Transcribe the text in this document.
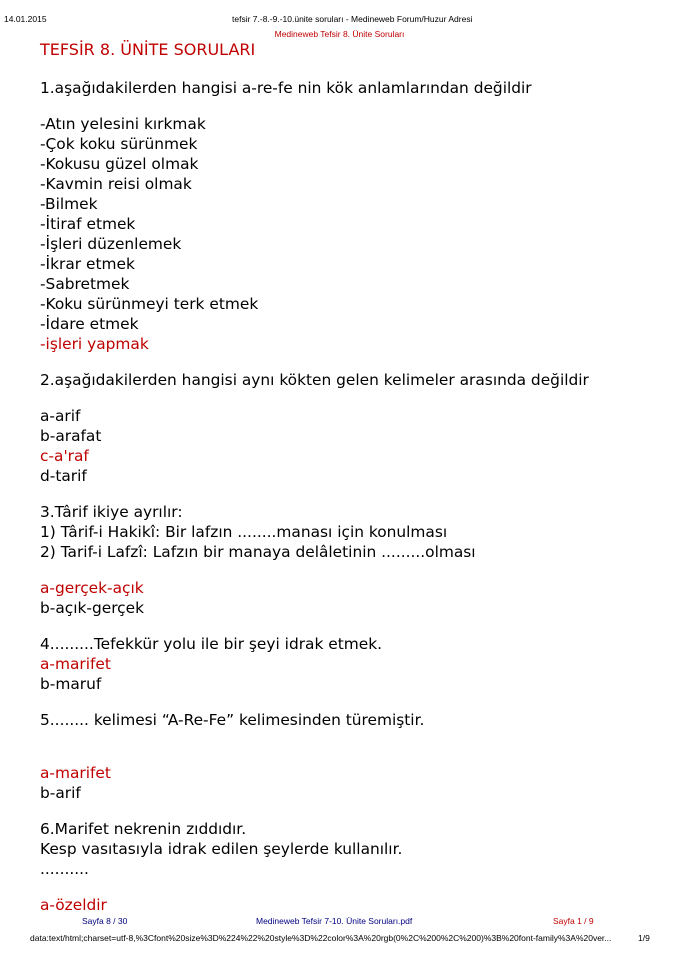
14.01.2015	tefsir 7.-8.-9.-10.ünite soruları - Medineweb Forum/Huzur Adresi
Medineweb Tefsir 8. Ünite Soruları
TEFSİR 8. ÜNİTE SORULARI
1.aşağıdakilerden hangisi a-re-fe nin kök anlamlarından değildir
-Atın yelesini kırkmak
-Çok koku sürünmek
-Kokusu güzel olmak
-Kavmin reisi olmak
-Bilmek
-İtiraf etmek
-İşleri düzenlemek
-İkrar etmek
-Sabretmek
-Koku sürünmeyi terk etmek
-İdare etmek
-işleri yapmak
2.aşağıdakilerden hangisi aynı kökten gelen kelimeler arasında değildir
a-arif
b-arafat
c-a'raf
d-tarif
3.Târif ikiye ayrılır:
1) Târif-i Hakikî: Bir lafzın ........manası için konulması
2) Tarif-i Lafzî: Lafzın bir manaya delâletinin .........olması
a-gerçek-açık
b-açık-gerçek
4.........Tefekkür yolu ile bir şeyi idrak etmek.
a-marifet
b-maruf
5........ kelimesi “A-Re-Fe” kelimesinden türemiştir.
a-marifet
b-arif
6.Marifet nekrenin zıddıdır.
Kesp vasıtasıyla idrak edilen şeylerde kullanılır.
..........
a-özeldir
Sayfa 8 / 30	Medineweb Tefsir 7-10. Ünite Soruları.pdf	Sayfa 1 / 9
data:text/html;charset=utf-8,%3Cfont%20size%3D%224%22%20style%3D%22color%3A%20rgb(0%2C%200%2C%200)%3B%20font-family%3A%20ver...	1/9
